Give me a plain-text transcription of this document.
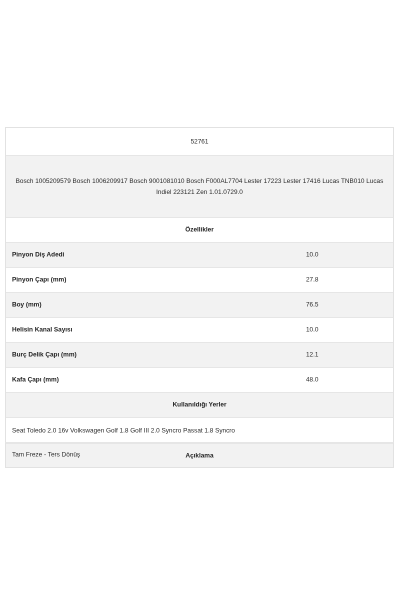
52761
Bosch 1005209579 Bosch 1006209917 Bosch 9001081010 Bosch F000AL7704 Lester 17223 Lester 17416 Lucas TNB010 Lucas Indiel 223121 Zen 1.01.0729.0
Özellikler
Pinyon Diş Adedi	10.0
Pinyon Çapı (mm)	27.8
Boy (mm)	76.5
Helisin Kanal Sayısı	10.0
Burç Delik Çapı (mm)	12.1
Kafa Çapı (mm)	48.0
Kullanıldığı Yerler
Seat Toledo 2.0 16v Volkswagen Golf 1.8 Golf III 2.0 Syncro Passat 1.8 Syncro
Açıklama
Tam Freze - Ters Dönüş
